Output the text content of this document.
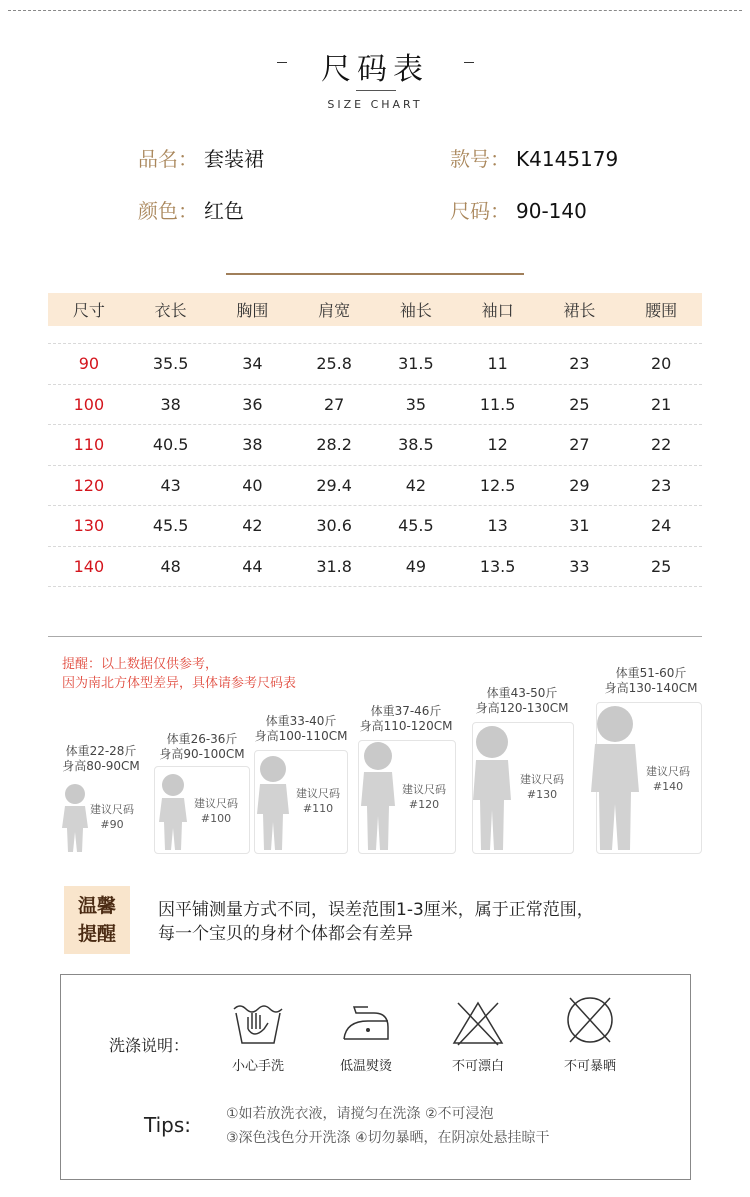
尺码表
SIZE CHART
品名： 套装裙	款号： K4145179
颜色： 红色	尺码： 90-140
尺寸	衣长	胸围	肩宽	袖长	袖口	裙长	腰围
90	35.5	34	25.8	31.5	11	23	20
100	38	36	27	35	11.5	25	21
110	40.5	38	28.2	38.5	12	27	22
120	43	40	29.4	42	12.5	29	23
130	45.5	42	30.6	45.5	13	31	24
140	48	44	31.8	49	13.5	33	25
提醒：以上数据仅供参考，
因为南北方体型差异，具体请参考尺码表
体重22-28斤
身高80-90CM
建议尺码
#90
体重26-36斤
身高90-100CM
建议尺码
#100
体重33-40斤
身高100-110CM
建议尺码
#110
体重37-46斤
身高110-120CM
建议尺码
#120
体重43-50斤
身高120-130CM
建议尺码
#130
体重51-60斤
身高130-140CM
建议尺码
#140
温馨
提醒
因平铺测量方式不同，误差范围1-3厘米，属于正常范围，
每一个宝贝的身材个体都会有差异
洗涤说明：
小心手洗	低温熨烫	不可漂白	不可暴晒
Tips: ①如若放洗衣液，请搅匀在洗涤 ②不可浸泡
③深色浅色分开洗涤 ④切勿暴晒，在阴凉处悬挂晾干
